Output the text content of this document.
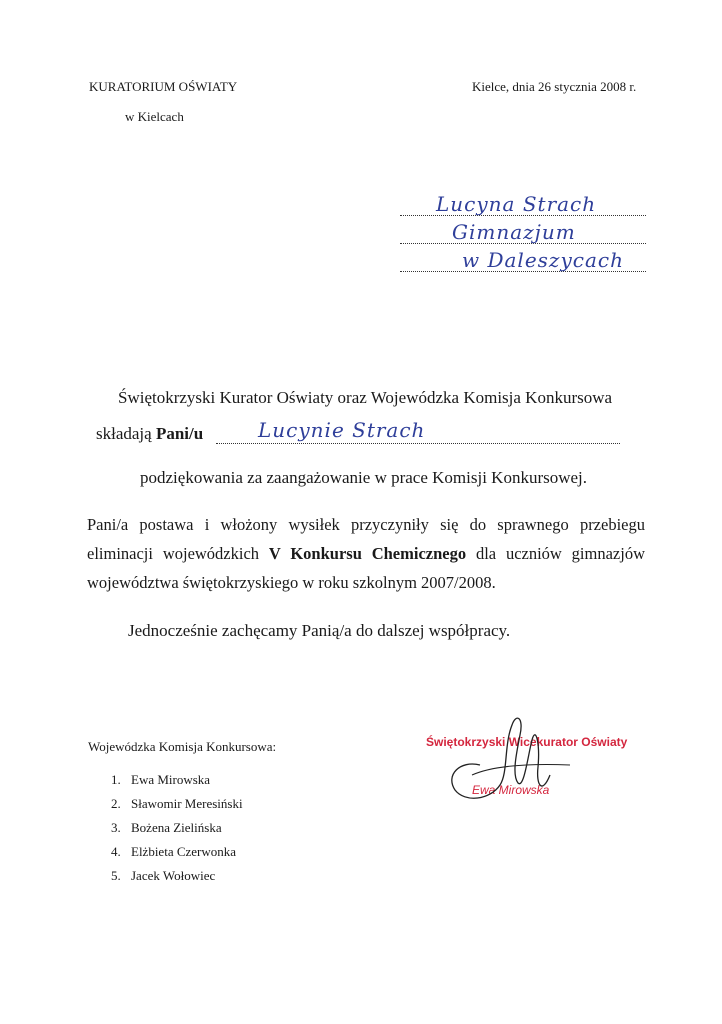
KURATORIUM OŚWIATY
w Kielcach
Kielce, dnia 26 stycznia 2008 r.
Lucyna Strach
Gimnazjum
w Daleszycach
Świętokrzyski Kurator Oświaty oraz Wojewódzka Komisja Konkursowa
składają Pani/u	Lucynie Strach
podziękowania za zaangażowanie w prace Komisji Konkursowej.
Pani/a postawa i włożony wysiłek przyczyniły się do sprawnego przebiegu eliminacji wojewódzkich V Konkursu Chemicznego dla uczniów gimnazjów województwa świętokrzyskiego w roku szkolnym 2007/2008.
Jednocześnie zachęcamy Panią/a do dalszej współpracy.
Wojewódzka Komisja Konkursowa:
1. Ewa Mirowska
2. Sławomir Meresiński
3. Bożena Zielińska
4. Elżbieta Czerwonka
5. Jacek Wołowiec
Świętokrzyski Wicekurator Oświaty
Ewa Mirowska
